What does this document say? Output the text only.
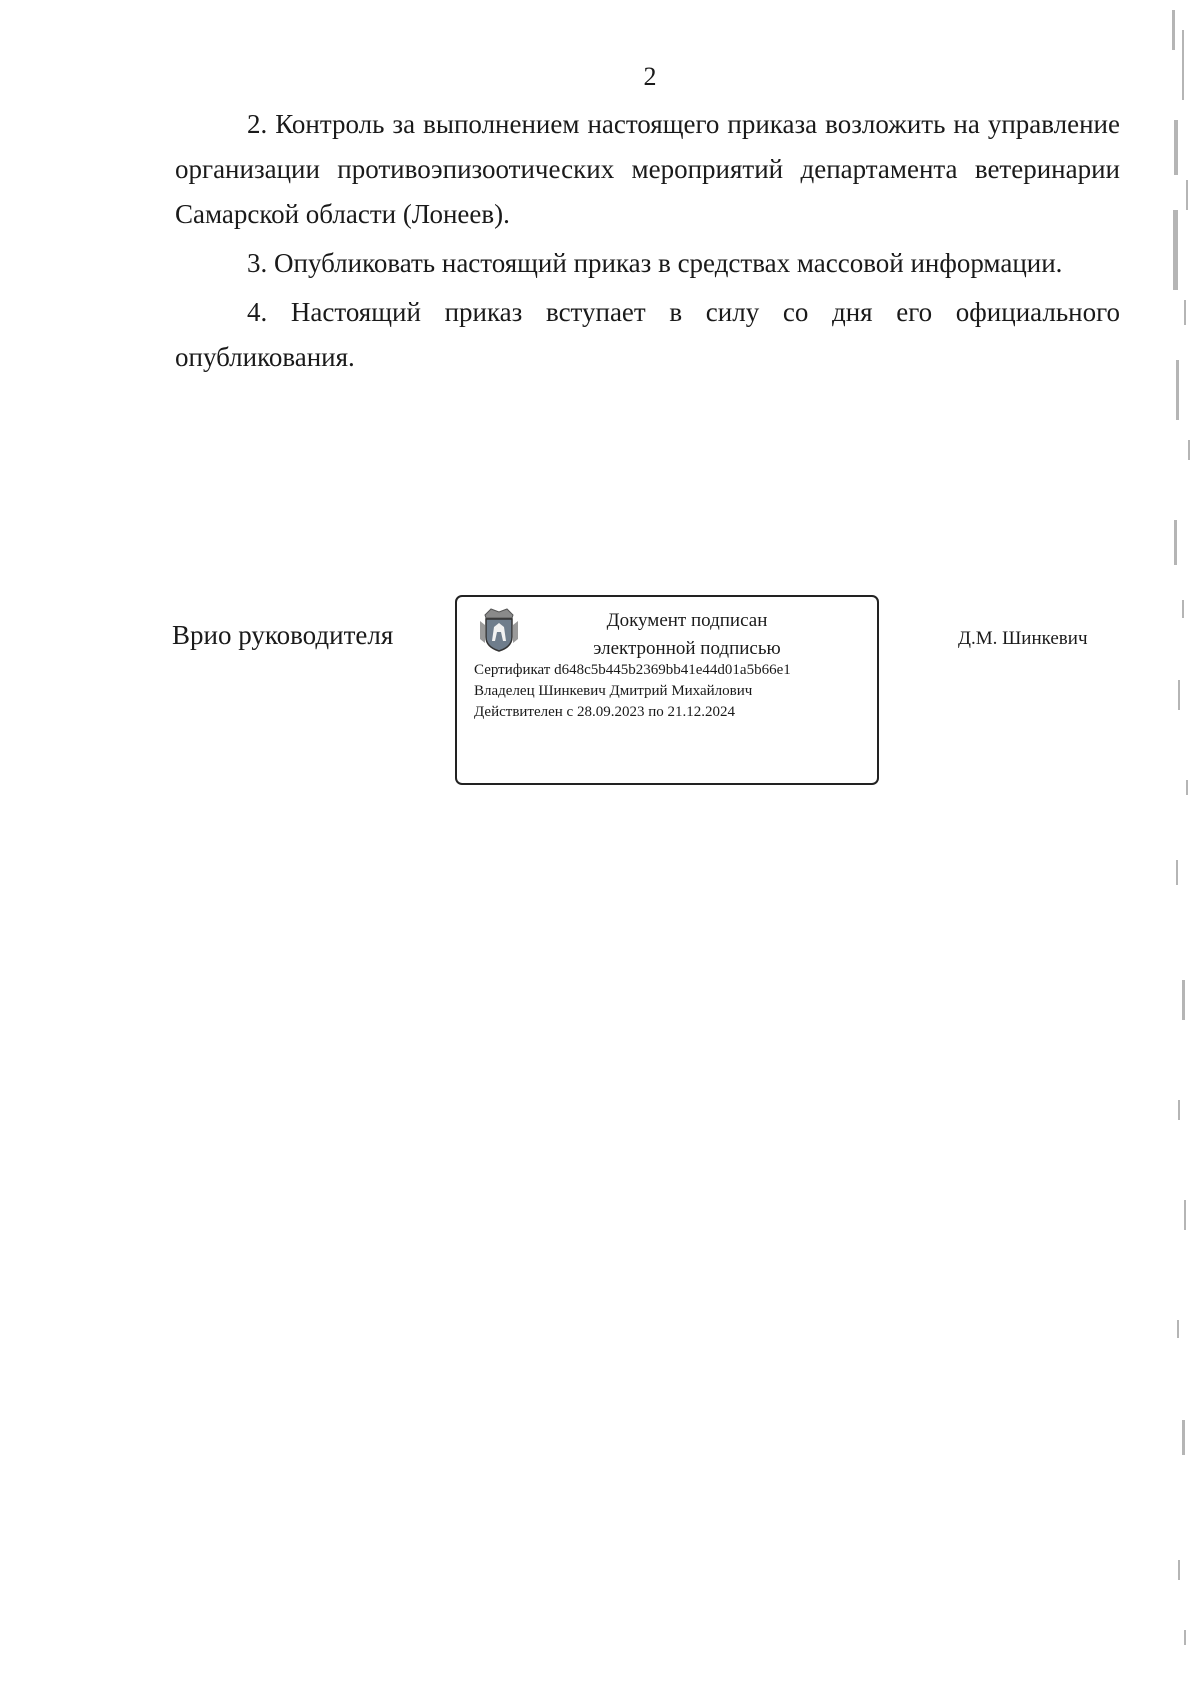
2

2. Контроль за выполнением настоящего приказа возложить на управление организации противоэпизоотических мероприятий департамента ветеринарии Самарской области (Лонеев).

3. Опубликовать настоящий приказ в средствах массовой информации.

4. Настоящий приказ вступает в силу со дня его официального опубликования.

Врио руководителя	Документ подписан
электронной подписью
Сертификат d648c5b445b2369bb41e44d01a5b66e1
Владелец Шинкевич Дмитрий Михайлович
Действителен с 28.09.2023 по 21.12.2024
Д.М. Шинкевич
